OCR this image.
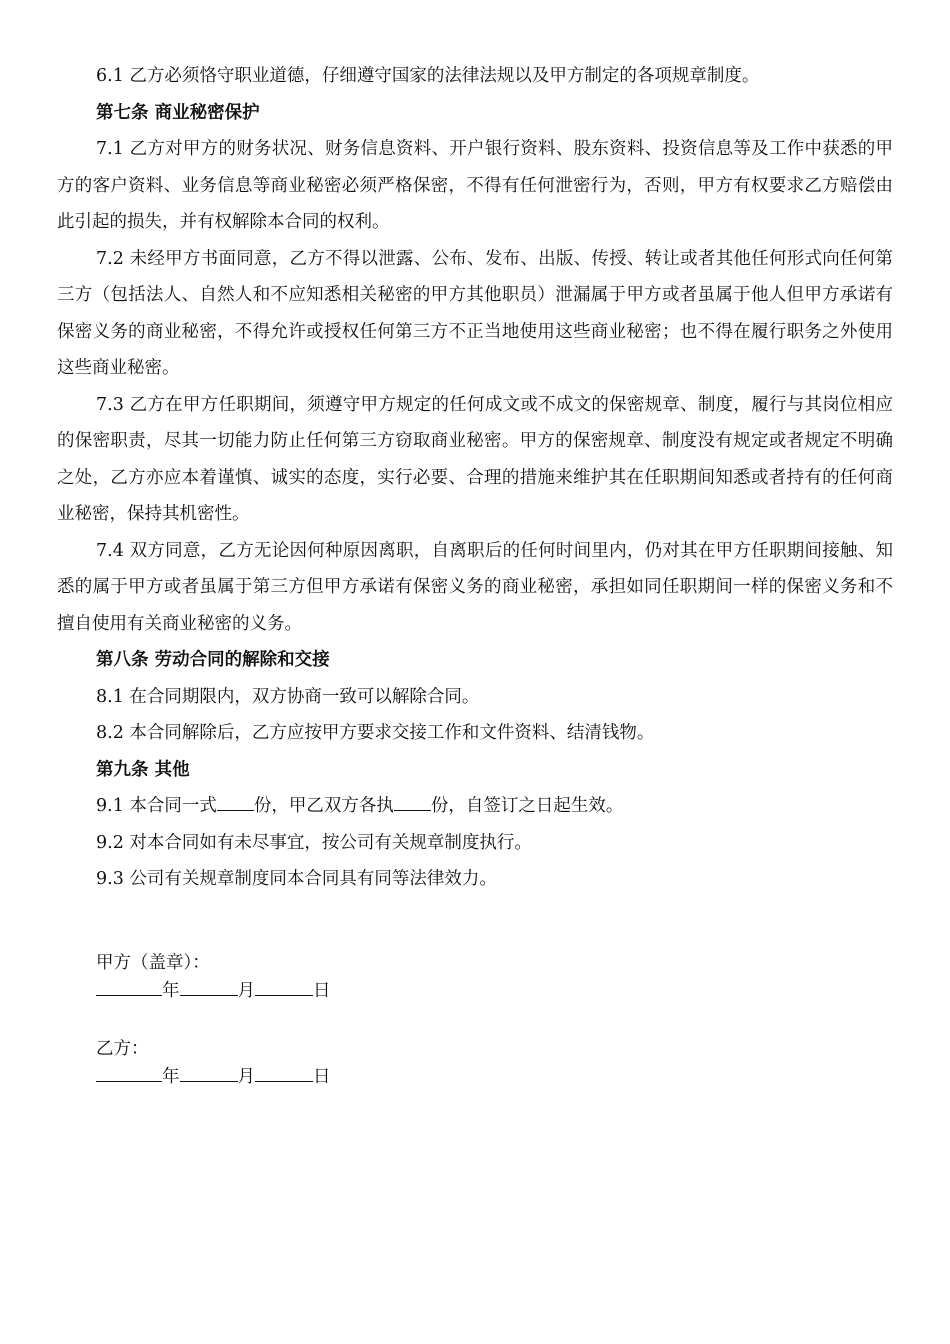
6.1 乙方必须恪守职业道德，仔细遵守国家的法律法规以及甲方制定的各项规章制度。

第七条 商业秘密保护

7.1 乙方对甲方的财务状况、财务信息资料、开户银行资料、股东资料、投资信息等及工作中获悉的甲方的客户资料、业务信息等商业秘密必须严格保密，不得有任何泄密行为，否则，甲方有权要求乙方赔偿由此引起的损失，并有权解除本合同的权利。

7.2 未经甲方书面同意，乙方不得以泄露、公布、发布、出版、传授、转让或者其他任何形式向任何第三方（包括法人、自然人和不应知悉相关秘密的甲方其他职员）泄漏属于甲方或者虽属于他人但甲方承诺有保密义务的商业秘密，不得允许或授权任何第三方不正当地使用这些商业秘密；也不得在履行职务之外使用这些商业秘密。

7.3 乙方在甲方任职期间，须遵守甲方规定的任何成文或不成文的保密规章、制度，履行与其岗位相应的保密职责，尽其一切能力防止任何第三方窃取商业秘密。甲方的保密规章、制度没有规定或者规定不明确之处，乙方亦应本着谨慎、诚实的态度，实行必要、合理的措施来维护其在任职期间知悉或者持有的任何商业秘密，保持其机密性。

7.4 双方同意，乙方无论因何种原因离职，自离职后的任何时间里内，仍对其在甲方任职期间接触、知悉的属于甲方或者虽属于第三方但甲方承诺有保密义务的商业秘密，承担如同任职期间一样的保密义务和不擅自使用有关商业秘密的义务。

第八条 劳动合同的解除和交接

8.1 在合同期限内，双方协商一致可以解除合同。

8.2 本合同解除后，乙方应按甲方要求交接工作和文件资料、结清钱物。

第九条 其他

9.1 本合同一式 份，甲乙双方各执 份，自签订之日起生效。

9.2 对本合同如有未尽事宜，按公司有关规章制度执行。

9.3 公司有关规章制度同本合同具有同等法律效力。

甲方（盖章）：

年	月	日

乙方：

年	月	日
